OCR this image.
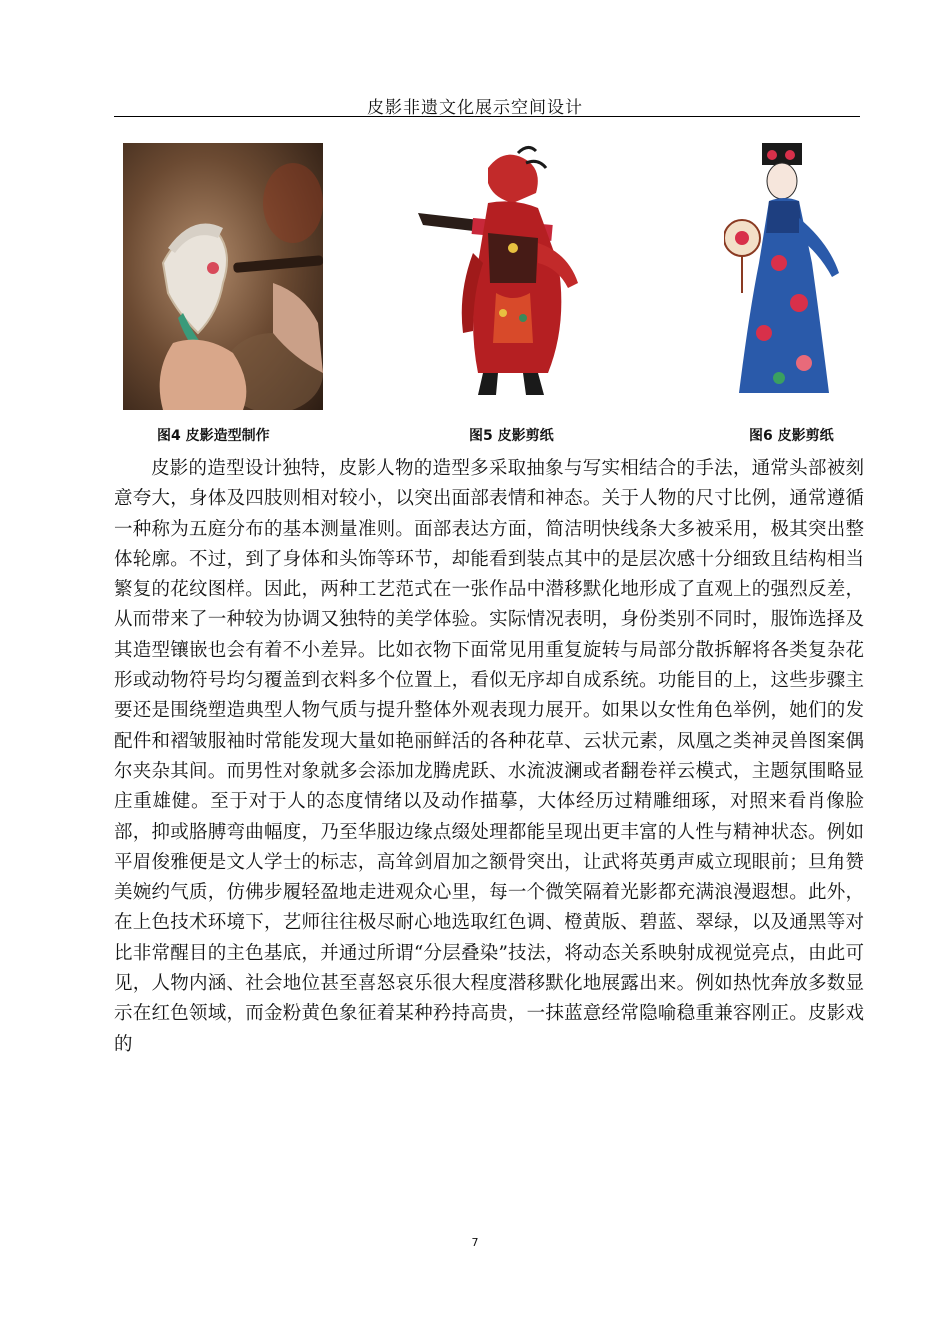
皮影非遗文化展示空间设计
图4 皮影造型制作	图5 皮影剪纸	图6 皮影剪纸

皮影的造型设计独特，皮影人物的造型多采取抽象与写实相结合的手法，通常头部被刻意夸大，身体及四肢则相对较小，以突出面部表情和神态。关于人物的尺寸比例，通常遵循一种称为五庭分布的基本测量准则。面部表达方面，简洁明快线条大多被采用，极其突出整体轮廓。不过，到了身体和头饰等环节，却能看到装点其中的是层次感十分细致且结构相当繁复的花纹图样。因此，两种工艺范式在一张作品中潜移默化地形成了直观上的强烈反差，从而带来了一种较为协调又独特的美学体验。实际情况表明，身份类别不同时，服饰选择及其造型镶嵌也会有着不小差异。比如衣物下面常见用重复旋转与局部分散拆解将各类复杂花形或动物符号均匀覆盖到衣料多个位置上，看似无序却自成系统。功能目的上，这些步骤主要还是围绕塑造典型人物气质与提升整体外观表现力展开。如果以女性角色举例，她们的发配件和褶皱服袖时常能发现大量如艳丽鲜活的各种花草、云状元素，凤凰之类神灵兽图案偶尔夹杂其间。而男性对象就多会添加龙腾虎跃、水流波澜或者翻卷祥云模式，主题氛围略显庄重雄健。至于对于人的态度情绪以及动作描摹，大体经历过精雕细琢，对照来看肖像脸部，抑或胳膊弯曲幅度，乃至华服边缘点缀处理都能呈现出更丰富的人性与精神状态。例如平眉俊雅便是文人学士的标志，高耸剑眉加之额骨突出，让武将英勇声威立现眼前；旦角赞美婉约气质，仿佛步履轻盈地走进观众心里，每一个微笑隔着光影都充满浪漫遐想。此外，在上色技术环境下，艺师往往极尽耐心地选取红色调、橙黄版、碧蓝、翠绿，以及通黑等对比非常醒目的主色基底，并通过所谓“分层叠染”技法，将动态关系映射成视觉亮点，由此可见，人物内涵、社会地位甚至喜怒哀乐很大程度潜移默化地展露出来。例如热忱奔放多数显示在红色领域，而金粉黄色象征着某种矜持高贵，一抹蓝意经常隐喻稳重兼容刚正。皮影戏的

7
